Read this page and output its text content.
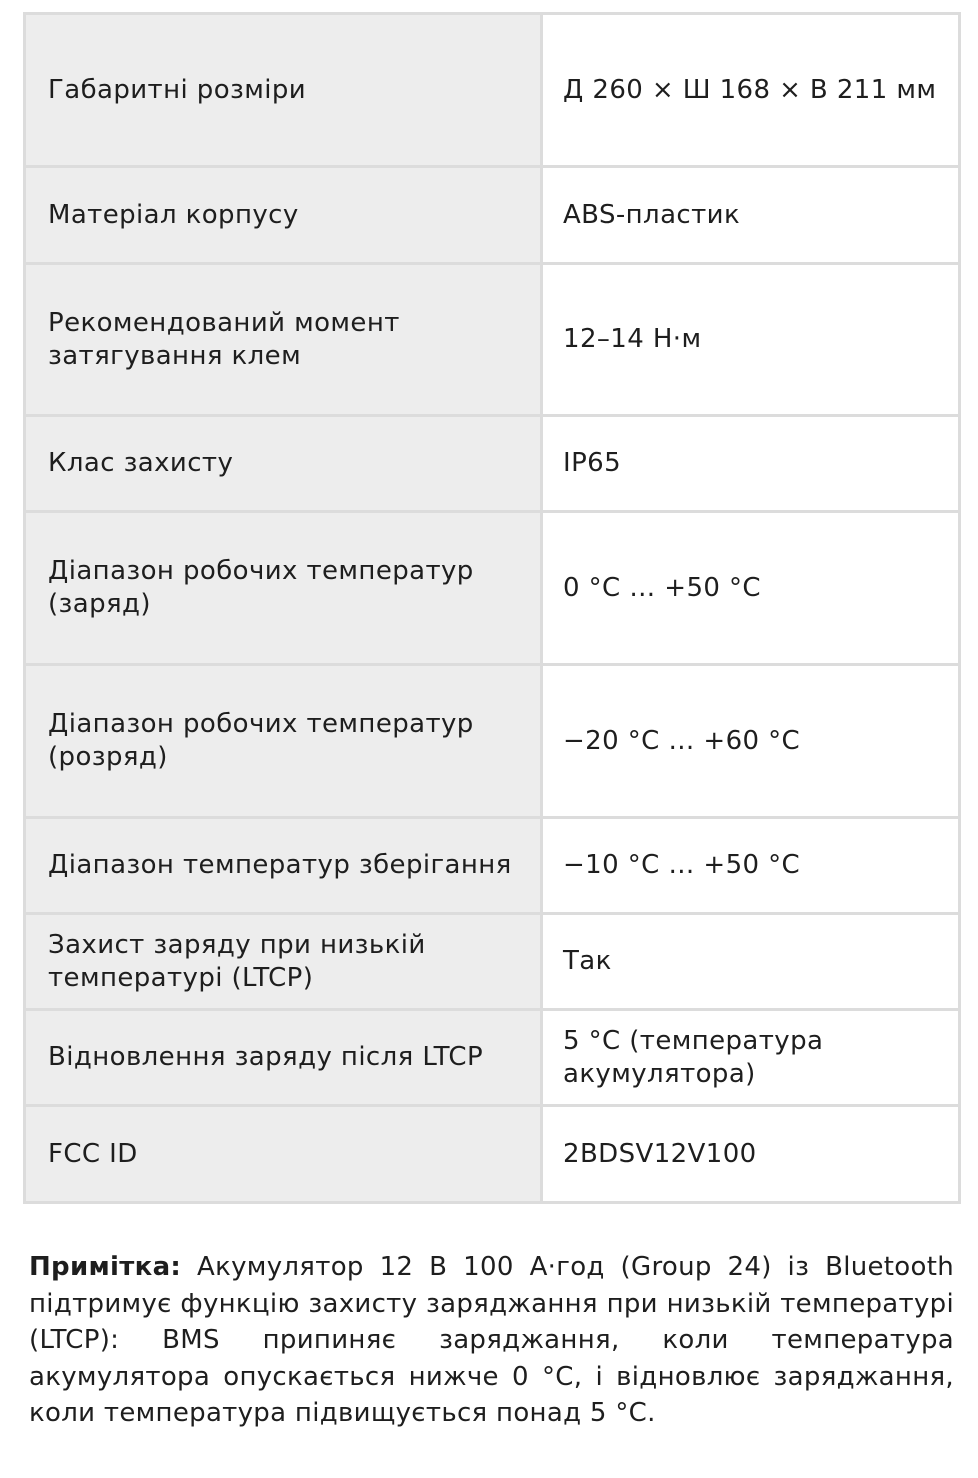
Габаритні розміри	Д 260 × Ш 168 × В 211 мм
Матеріал корпусу	ABS-пластик
Рекомендований момент затягування клем	12–14 Н·м
Клас захисту	IP65
Діапазон робочих температур (заряд)	0 °C … +50 °C
Діапазон робочих температур (розряд)	−20 °C … +60 °C
Діапазон температур зберігання	−10 °C … +50 °C
Захист заряду при низькій температурі (LTCP)	Так
Відновлення заряду після LTCP	5 °C (температура акумулятора)
FCC ID	2BDSV12V100

Примітка: Акумулятор 12 В 100 А·год (Group 24) із Bluetooth підтримує функцію захисту заряджання при низькій температурі (LTCP): BMS припиняє заряджання, коли температура акумулятора опускається нижче 0 °C, і відновлює заряджання, коли температура підвищується понад 5 °C.
